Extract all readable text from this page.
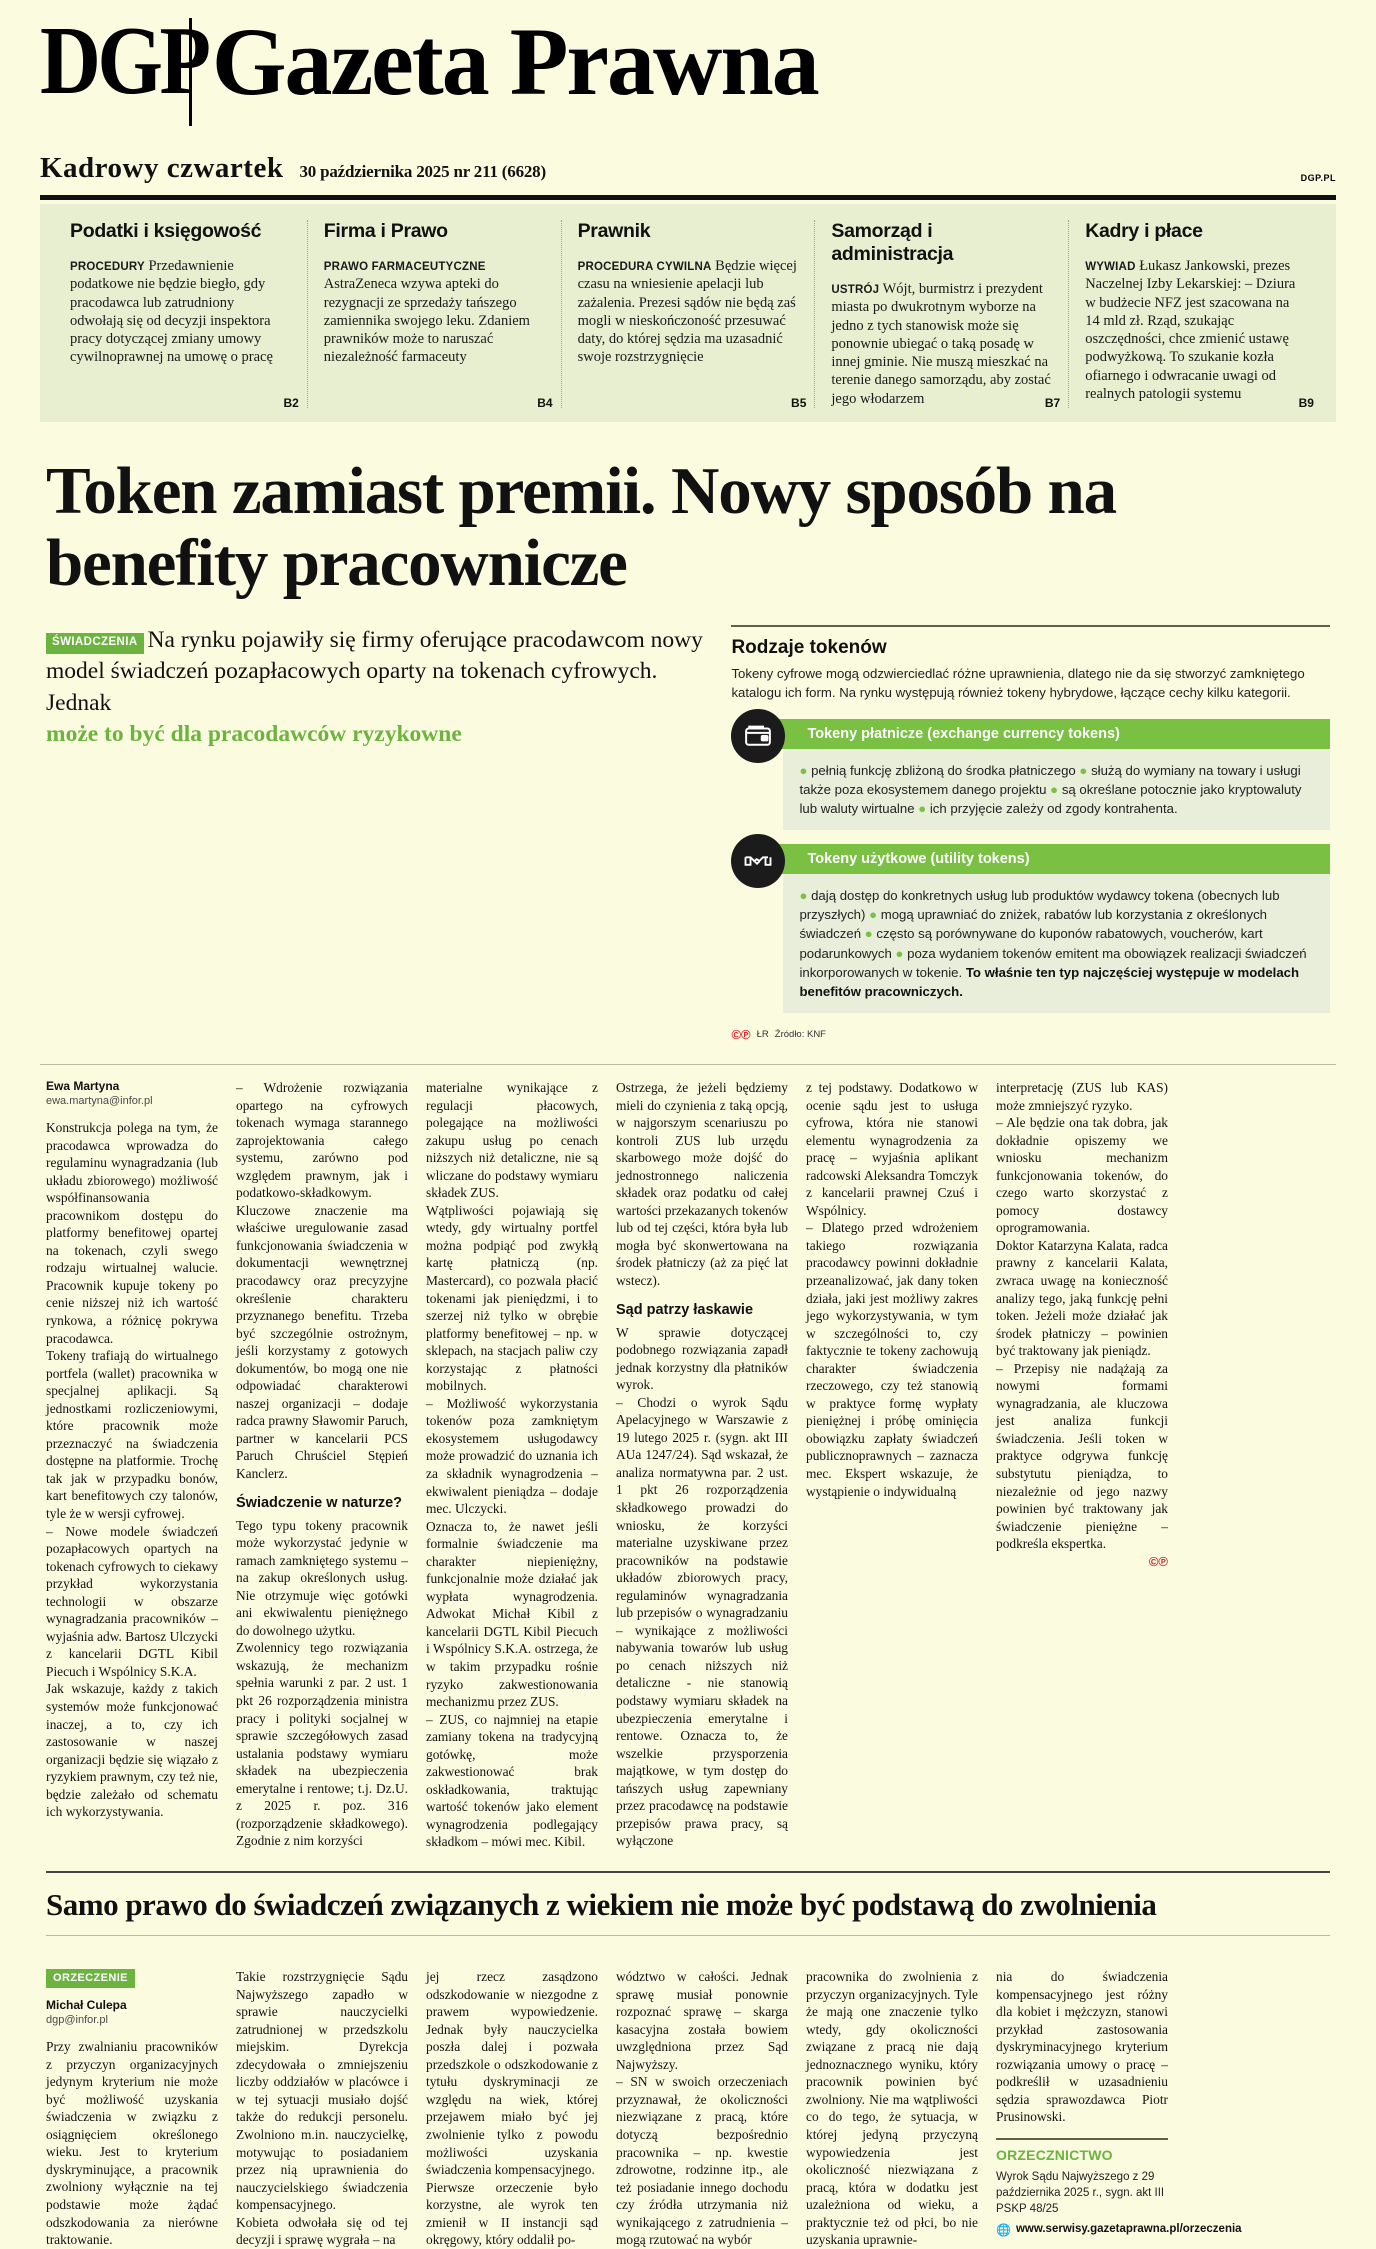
DGP Gazeta Prawna
Kadrowy czwartek 30 października 2025 nr 211 (6628)	DGP.PL
Podatki i księgowość

PROCEDURY Przedawnienie podatkowe nie będzie biegło, gdy pracodawca lub zatrudniony odwołają się od decyzji inspektora pracy dotyczącej zmiany umowy cywilnoprawnej na umowę o pracę

B2
Firma i Prawo

PRAWO FARMACEUTYCZNE AstraZeneca wzywa apteki do rezygnacji ze sprzedaży tańszego zamiennika swojego leku. Zdaniem prawników może to naruszać niezależność farmaceuty

B4
Prawnik

PROCEDURA CYWILNA Będzie więcej czasu na wniesienie apelacji lub zażalenia. Prezesi sądów nie będą zaś mogli w nieskończoność przesuwać daty, do której sędzia ma uzasadnić swoje rozstrzygnięcie

B5
Samorząd i administracja

USTRÓJ Wójt, burmistrz i prezydent miasta po dwukrotnym wyborze na jedno z tych stanowisk może się ponownie ubiegać o taką posadę w innej gminie. Nie muszą mieszkać na terenie danego samorządu, aby zostać jego włodarzem	B7
Kadry i płace

WYWIAD Łukasz Jankowski, prezes Naczelnej Izby Lekarskiej: – Dziura w budżecie NFZ jest szacowana na 14 mld zł. Rząd, szukając oszczędności, chce zmienić ustawę podwyżkową. To szukanie kozła ofiarnego i odwracanie uwagi od realnych patologii systemu

B9
Token zamiast premii. Nowy sposób na benefity pracownicze
ŚWIADCZENIA Na rynku pojawiły się firmy oferujące pracodawcom nowy model świadczeń pozapłacowych oparty na tokenach cyfrowych. Jednak
może to być dla pracodawców ryzykowne
Rodzaje tokenów

Tokeny cyfrowe mogą odzwierciedlać różne uprawnienia, dlatego nie da się stworzyć zamkniętego katalogu ich form. Na rynku występują również tokeny hybrydowe, łączące cechy kilku kategorii.

Tokeny płatnicze (exchange currency tokens)
● pełnią funkcję zbliżoną do środka płatniczego ● służą do wymiany na towary i usługi także poza ekosystemem danego projektu ● są określane potocznie jako kryptowaluty lub waluty wirtualne ● ich przyjęcie zależy od zgody kontrahenta.
Tokeny użytkowe (utility tokens)
● dają dostęp do konkretnych usług lub produktów wydawcy tokena (obecnych lub przyszłych) ● mogą uprawniać do zniżek, rabatów lub korzystania z określonych świadczeń ● często są porównywane do kuponów rabatowych, voucherów, kart podarunkowych ● poza wydaniem tokenów emitent ma obowiązek realizacji świadczeń inkorporowanych w tokenie. To właśnie ten typ najczęściej występuje w modelach benefitów pracowniczych.
©℗ ŁR Źródło: KNF
Ewa Martyna
ewa.martyna@infor.pl

Konstrukcja polega na tym, że pracodawca wprowadza do regulaminu wynagradzania (lub układu zbiorowego) możliwość współfinansowania pracownikom dostępu do platformy benefitowej opartej na tokenach, czyli swego rodzaju wirtualnej walucie. Pracownik kupuje tokeny po cenie niższej niż ich wartość rynkowa, a różnicę pokrywa pracodawca.

Tokeny trafiają do wirtualnego portfela (wallet) pracownika w specjalnej aplikacji. Są jednostkami rozliczeniowymi, które pracownik może przeznaczyć na świadczenia dostępne na platformie. Trochę tak jak w przypadku bonów, kart benefitowych czy talonów, tyle że w wersji cyfrowej.

– Nowe modele świadczeń pozapłacowych opartych na tokenach cyfrowych to ciekawy przykład wykorzystania technologii w obszarze wynagradzania pracowników – wyjaśnia adw. Bartosz Ulczycki z kancelarii DGTL Kibil Piecuch i Wspólnicy S.K.A.

Jak wskazuje, każdy z takich systemów może funkcjonować inaczej, a to, czy ich zastosowanie w naszej organizacji będzie się wiązało z ryzykiem prawnym, czy też nie, będzie zależało od schematu ich wykorzystywania.

– Wdrożenie rozwiązania opartego na cyfrowych tokenach wymaga starannego zaprojektowania całego systemu, zarówno pod względem prawnym, jak i podatkowo-składkowym. Kluczowe znaczenie ma właściwe uregulowanie zasad funkcjonowania świadczenia w dokumentacji wewnętrznej pracodawcy oraz precyzyjne określenie charakteru przyznanego benefitu. Trzeba być szczególnie ostrożnym, jeśli korzystamy z gotowych dokumentów, bo mogą one nie odpowiadać charakterowi naszej organizacji – dodaje radca prawny Sławomir Paruch, partner w kancelarii PCS Paruch Chruściel Stępień Kanclerz.

Świadczenie w naturze?

Tego typu tokeny pracownik może wykorzystać jedynie w ramach zamkniętego systemu – na zakup określonych usług. Nie otrzymuje więc gotówki ani ekwiwalentu pieniężnego do dowolnego użytku.

Zwolennicy tego rozwiązania wskazują, że mechanizm spełnia warunki z par. 2 ust. 1 pkt 26 rozporządzenia ministra pracy i polityki socjalnej w sprawie szczegółowych zasad ustalania podstawy wymiaru składek na ubezpieczenia emerytalne i rentowe; t.j. Dz.U. z 2025 r. poz. 316 (rozporządzenie składkowego). Zgodnie z nim korzyści

materialne wynikające z regulacji płacowych, polegające na możliwości zakupu usług po cenach niższych niż detaliczne, nie są wliczane do podstawy wymiaru składek ZUS.

Wątpliwości pojawiają się wtedy, gdy wirtualny portfel można podpiąć pod zwykłą kartę płatniczą (np. Mastercard), co pozwala płacić tokenami jak pieniędzmi, i to szerzej niż tylko w obrębie platformy benefitowej – np. w sklepach, na stacjach paliw czy korzystając z płatności mobilnych.

– Możliwość wykorzystania tokenów poza zamkniętym ekosystemem usługodawcy może prowadzić do uznania ich za składnik wynagrodzenia – ekwiwalent pieniądza – dodaje mec. Ulczycki.

Oznacza to, że nawet jeśli formalnie świadczenie ma charakter niepieniężny, funkcjonalnie może działać jak wypłata wynagrodzenia. Adwokat Michał Kibil z kancelarii DGTL Kibil Piecuch i Wspólnicy S.K.A. ostrzega, że w takim przypadku rośnie ryzyko zakwestionowania mechanizmu przez ZUS.

– ZUS, co najmniej na etapie zamiany tokena na tradycyjną gotówkę, może zakwestionować brak oskładkowania, traktując wartość tokenów jako element wynagrodzenia podlegający składkom – mówi mec. Kibil.

Ostrzega, że jeżeli będziemy mieli do czynienia z taką opcją, w najgorszym scenariuszu po kontroli ZUS lub urzędu skarbowego może dojść do jednostronnego naliczenia składek oraz podatku od całej wartości przekazanych tokenów lub od tej części, która była lub mogła być skonwertowana na środek płatniczy (aż za pięć lat wstecz).

Sąd patrzy łaskawie

W sprawie dotyczącej podobnego rozwiązania zapadł jednak korzystny dla płatników wyrok.

– Chodzi o wyrok Sądu Apelacyjnego w Warszawie z 19 lutego 2025 r. (sygn. akt III AUa 1247/24). Sąd wskazał, że analiza normatywna par. 2 ust. 1 pkt 26 rozporządzenia składkowego prowadzi do wniosku, że korzyści materialne uzyskiwane przez pracowników na podstawie układów zbiorowych pracy, regulaminów wynagradzania lub przepisów o wynagradzaniu – wynikające z możliwości nabywania towarów lub usług po cenach niższych niż detaliczne - nie stanowią podstawy wymiaru składek na ubezpieczenia emerytalne i rentowe. Oznacza to, że wszelkie przysporzenia majątkowe, w tym dostęp do tańszych usług zapewniany przez pracodawcę na podstawie przepisów prawa pracy, są wyłączone

z tej podstawy. Dodatkowo w ocenie sądu jest to usługa cyfrowa, która nie stanowi elementu wynagrodzenia za pracę – wyjaśnia aplikant radcowski Aleksandra Tomczyk z kancelarii prawnej Czuś i Wspólnicy.

– Dlatego przed wdrożeniem takiego rozwiązania pracodawcy powinni dokładnie przeanalizować, jak dany token działa, jaki jest możliwy zakres jego wykorzystywania, w tym w szczególności to, czy faktycznie te tokeny zachowują charakter świadczenia rzeczowego, czy też stanowią w praktyce formę wypłaty pieniężnej i próbę ominięcia obowiązku zapłaty świadczeń publicznoprawnych – zaznacza mec. Ekspert wskazuje, że wystąpienie o indywidualną

interpretację (ZUS lub KAS) może zmniejszyć ryzyko.

– Ale będzie ona tak dobra, jak dokładnie opiszemy we wniosku mechanizm funkcjonowania tokenów, do czego warto skorzystać z pomocy dostawcy oprogramowania.

Doktor Katarzyna Kalata, radca prawny z kancelarii Kalata, zwraca uwagę na konieczność analizy tego, jaką funkcję pełni token. Jeżeli może działać jak środek płatniczy – powinien być traktowany jak pieniądz.

– Przepisy nie nadążają za nowymi formami wynagradzania, ale kluczowa jest analiza funkcji świadczenia. Jeśli token w praktyce odgrywa funkcję substytutu pieniądza, to niezależnie od jego nazwy powinien być traktowany jak świadczenie pieniężne – podkreśla ekspertka.

©℗
Samo prawo do świadczeń związanych z wiekiem nie może być podstawą do zwolnienia
ORZECZENIE
Michał Culepa
dgp@infor.pl

Przy zwalnianiu pracowników z przyczyn organizacyjnych jedynym kryterium nie może być możliwość uzyskania świadczenia w związku z osiągnięciem określonego wieku. Jest to kryterium dyskryminujące, a pracownik zwolniony wyłącznie na tej podstawie może żądać odszkodowania za nierówne traktowanie.

Takie rozstrzygnięcie Sądu Najwyższego zapadło w sprawie nauczycielki zatrudnionej w przedszkolu miejskim. Dyrekcja zdecydowała o zmniejszeniu liczby oddziałów w placówce i w tej sytuacji musiało dojść także do redukcji personelu. Zwolniono m.in. nauczycielkę, motywując to posiadaniem przez nią uprawnienia do nauczycielskiego świadczenia kompensacyjnego.

Kobieta odwołała się od tej decyzji i sprawę wygrała – na

jej rzecz zasądzono odszkodowanie w niezgodne z prawem wypowiedzenie. Jednak były nauczycielka poszła dalej i pozwała przedszkole o odszkodowanie z tytułu dyskryminacji ze względu na wiek, której przejawem miało być jej zwolnienie tylko z powodu możliwości uzyskania świadczenia kompensacyjnego.

Pierwsze orzeczenie było korzystne, ale wyrok ten zmienił w II instancji sąd okręgowy, który oddalił po-

wództwo w całości. Jednak sprawę musiał ponownie rozpoznać sprawę – skarga kasacyjna została bowiem uwzględniona przez Sąd Najwyższy.

– SN w swoich orzeczeniach przyznawał, że okoliczności niezwiązane z pracą, które dotyczą bezpośrednio pracownika – np. kwestie zdrowotne, rodzinne itp., ale też posiadanie innego dochodu czy źródła utrzymania niż wynikającego z zatrudnienia – mogą rzutować na wybór

pracownika do zwolnienia z przyczyn organizacyjnych. Tyle że mają one znaczenie tylko wtedy, gdy okoliczności związane z pracą nie dają jednoznacznego wyniku, który pracownik powinien być zwolniony. Nie ma wątpliwości co do tego, że sytuacja, w której jedyną przyczyną wypowiedzenia jest okoliczność niezwiązana z pracą, która w dodatku jest uzależniona od wieku, a praktycznie też od płci, bo nie uzyskania uprawnie-

nia do świadczenia kompensacyjnego jest różny dla kobiet i mężczyzn, stanowi przykład zastosowania dyskryminacyjnego kryterium rozwiązania umowy o pracę – podkreślił w uzasadnieniu sędzia sprawozdawca Piotr Prusinowski.

ORZECZNICTWO

Wyrok Sądu Najwyższego z 29 października 2025 r., sygn. akt III PSKP 48/25

🌐 www.serwisy.gazetaprawna.pl/orzeczenia
